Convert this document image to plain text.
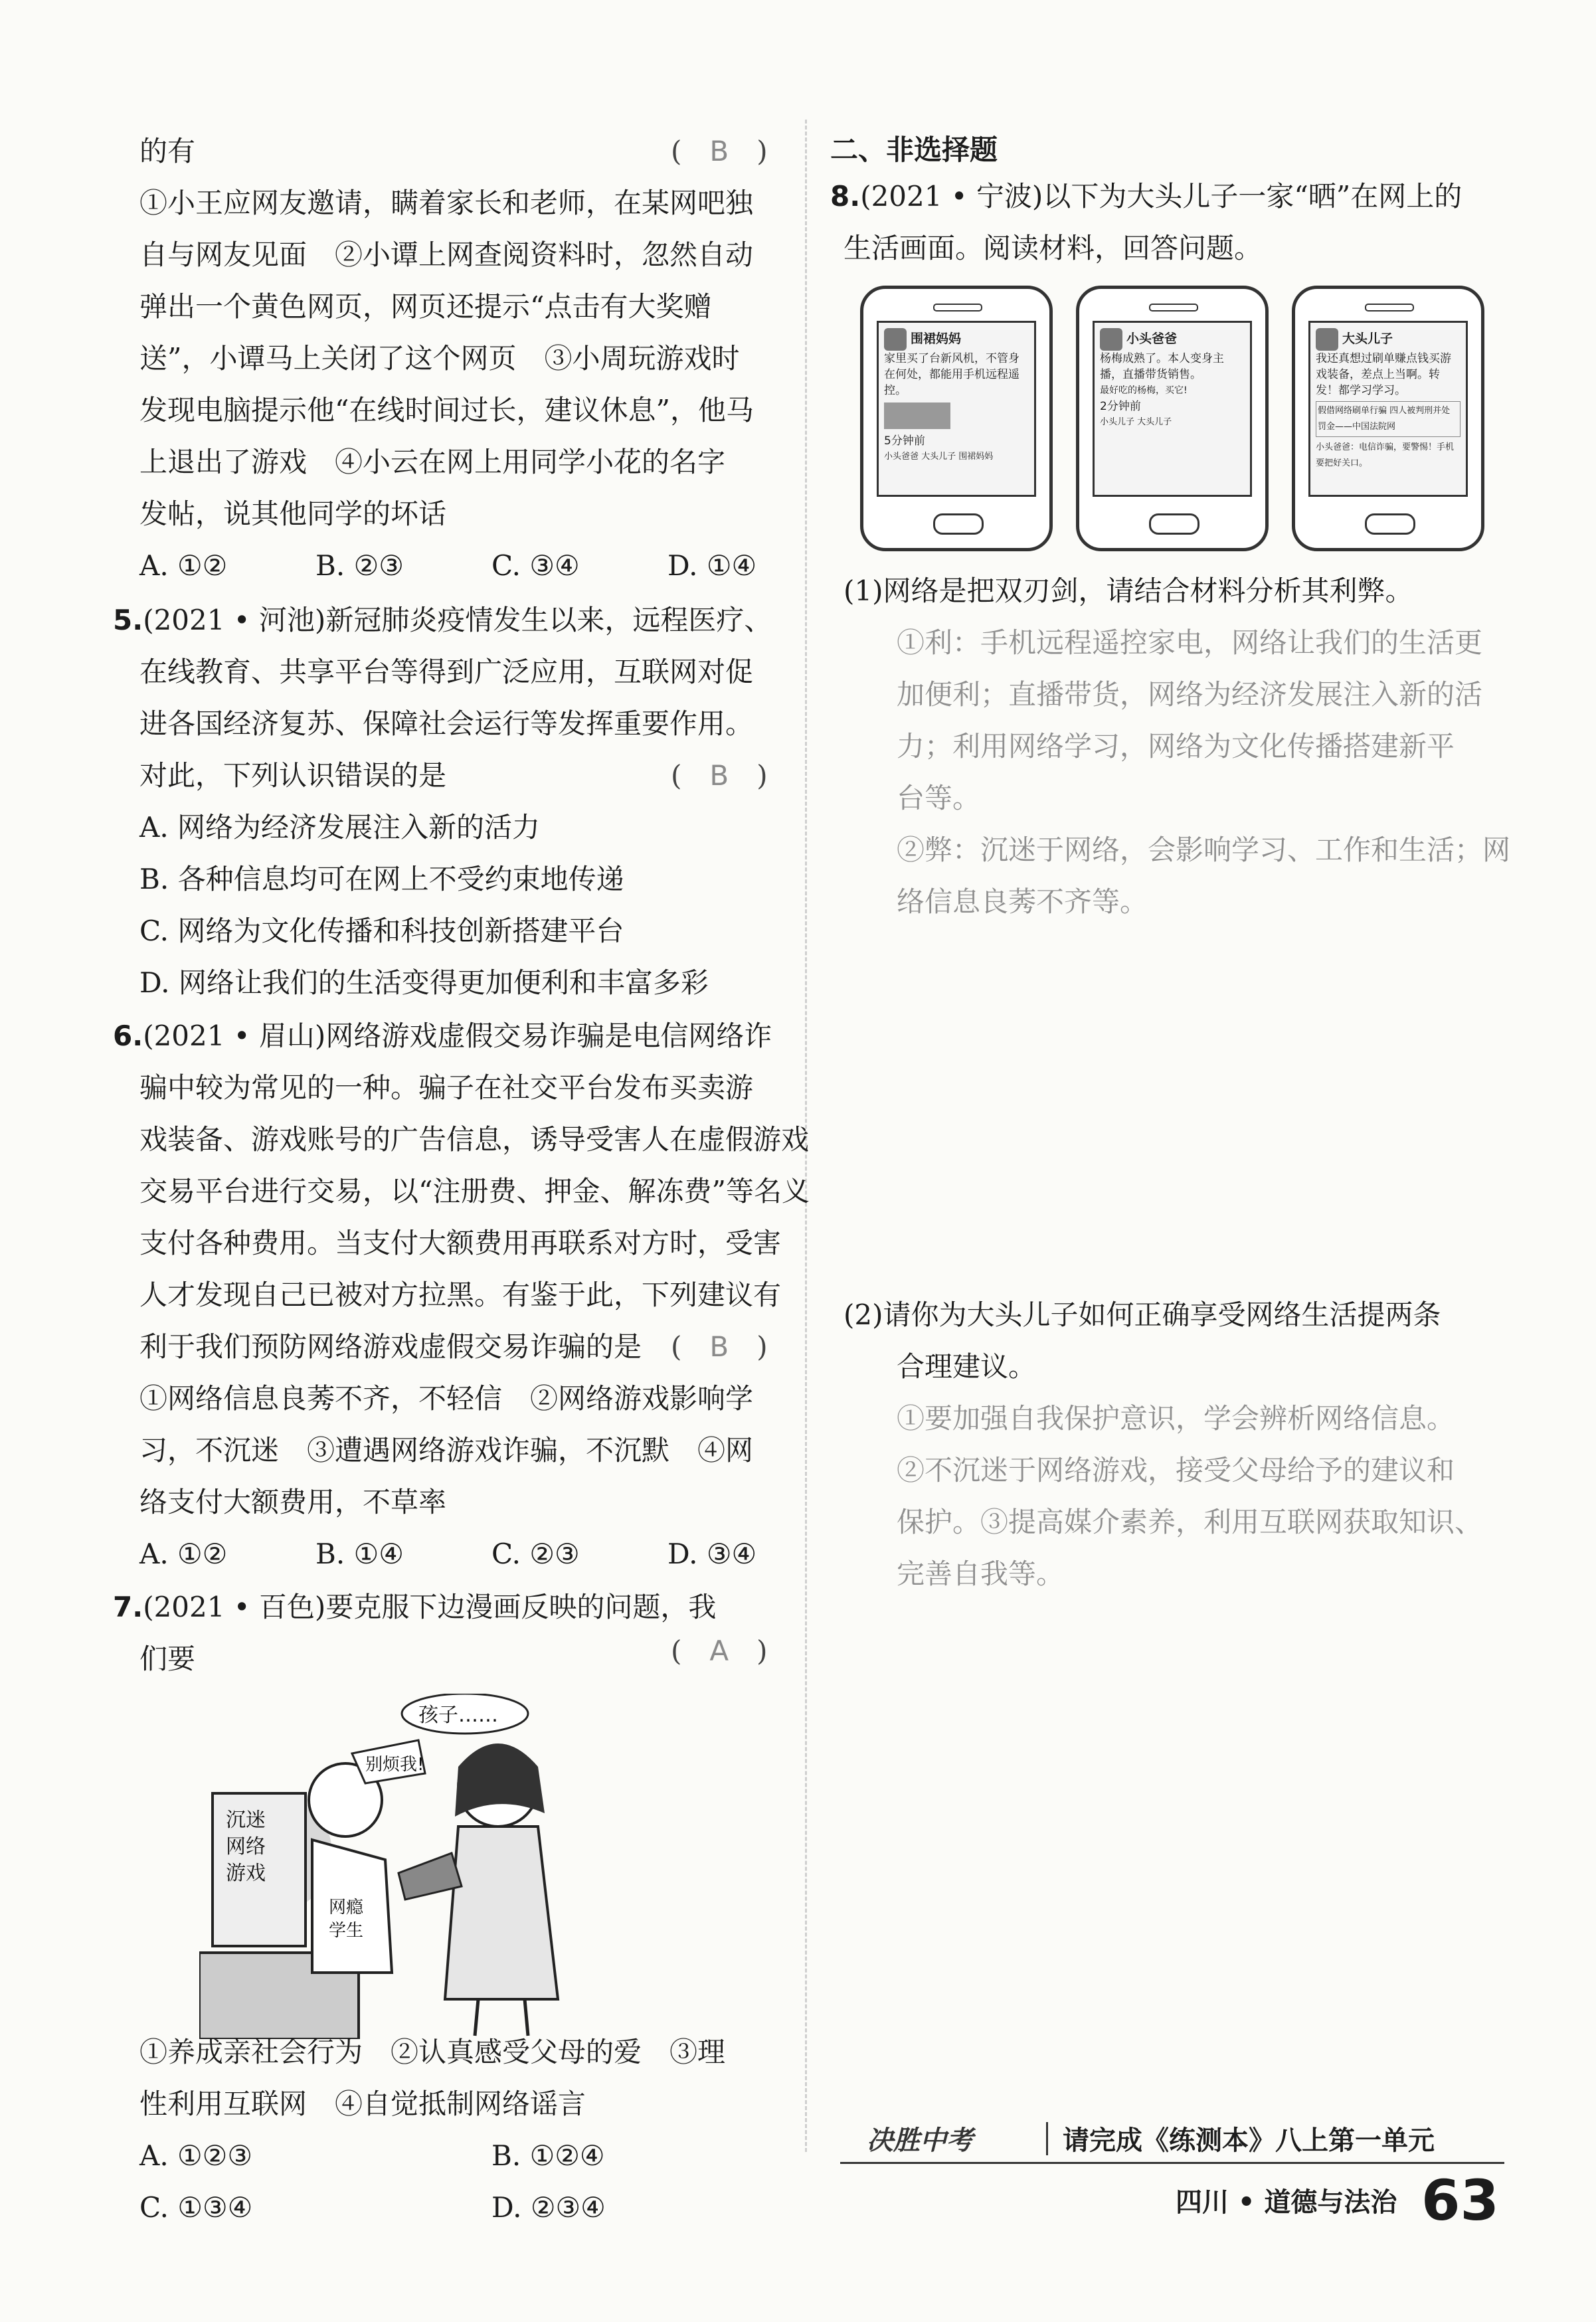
的有	(　B　)
①小王应网友邀请，瞒着家长和老师，在某网吧独
自与网友见面　②小谭上网查阅资料时，忽然自动
弹出一个黄色网页，网页还提示“点击有大奖赠
送”，小谭马上关闭了这个网页　③小周玩游戏时
发现电脑提示他“在线时间过长，建议休息”，他马
上退出了游戏　④小云在网上用同学小花的名字
发帖，说其他同学的坏话
A. ①②	B. ②③	C. ③④	D. ①④
5.(2021 • 河池)新冠肺炎疫情发生以来，远程医疗、
在线教育、共享平台等得到广泛应用，互联网对促
进各国经济复苏、保障社会运行等发挥重要作用。
对此，下列认识错误的是	(　B　)
A. 网络为经济发展注入新的活力
B. 各种信息均可在网上不受约束地传递
C. 网络为文化传播和科技创新搭建平台
D. 网络让我们的生活变得更加便利和丰富多彩
6.(2021 • 眉山)网络游戏虚假交易诈骗是电信网络诈
骗中较为常见的一种。骗子在社交平台发布买卖游
戏装备、游戏账号的广告信息，诱导受害人在虚假游戏
交易平台进行交易，以“注册费、押金、解冻费”等名义
支付各种费用。当支付大额费用再联系对方时，受害
人才发现自己已被对方拉黑。有鉴于此，下列建议有
利于我们预防网络游戏虚假交易诈骗的是 (　B　)
①网络信息良莠不齐，不轻信　②网络游戏影响学
习，不沉迷　③遭遇网络游戏诈骗，不沉默　④网
络支付大额费用，不草率
A. ①②	B. ①④	C. ②③	D. ③④
7.(2021 • 百色)要克服下边漫画反映的问题，我
们要	(　A　)
沉迷
网络
游戏
网瘾
学生
别烦我!
孩子……
①养成亲社会行为　②认真感受父母的爱　③理
性利用互联网　④自觉抵制网络谣言
A. ①②③	B. ①②④
C. ①③④	D. ②③④
二、非选择题
8.(2021 • 宁波)以下为大头儿子一家“晒”在网上的
生活画面。阅读材料，回答问题。
围裙妈妈
家里买了台新风机，不管身在何处，都能用手机远程遥控。
5分钟前
小头爸爸 大头儿子 围裙妈妈
小头爸爸
杨梅成熟了。本人变身主播，直播带货销售。
最好吃的杨梅，买它!
2分钟前
小头儿子 大头儿子
大头儿子
我还真想过刷单赚点钱买游戏装备，差点上当啊。转发！都学习学习。
假借网络刷单行骗 四人被判刑并处罚金——中国法院网
小头爸爸：电信诈骗，要警惕！手机要把好关口。
(1)网络是把双刃剑，请结合材料分析其利弊。
①利：手机远程遥控家电，网络让我们的生活更
加便利；直播带货，网络为经济发展注入新的活
力；利用网络学习，网络为文化传播搭建新平
台等。
②弊：沉迷于网络，会影响学习、工作和生活；网
络信息良莠不齐等。
(2)请你为大头儿子如何正确享受网络生活提两条
合理建议。
①要加强自我保护意识，学会辨析网络信息。
②不沉迷于网络游戏，接受父母给予的建议和
保护。③提高媒介素养，利用互联网获取知识、
完善自我等。
决胜中考	请完成《练测本》八上第一单元
四川 • 道德与法治 63
